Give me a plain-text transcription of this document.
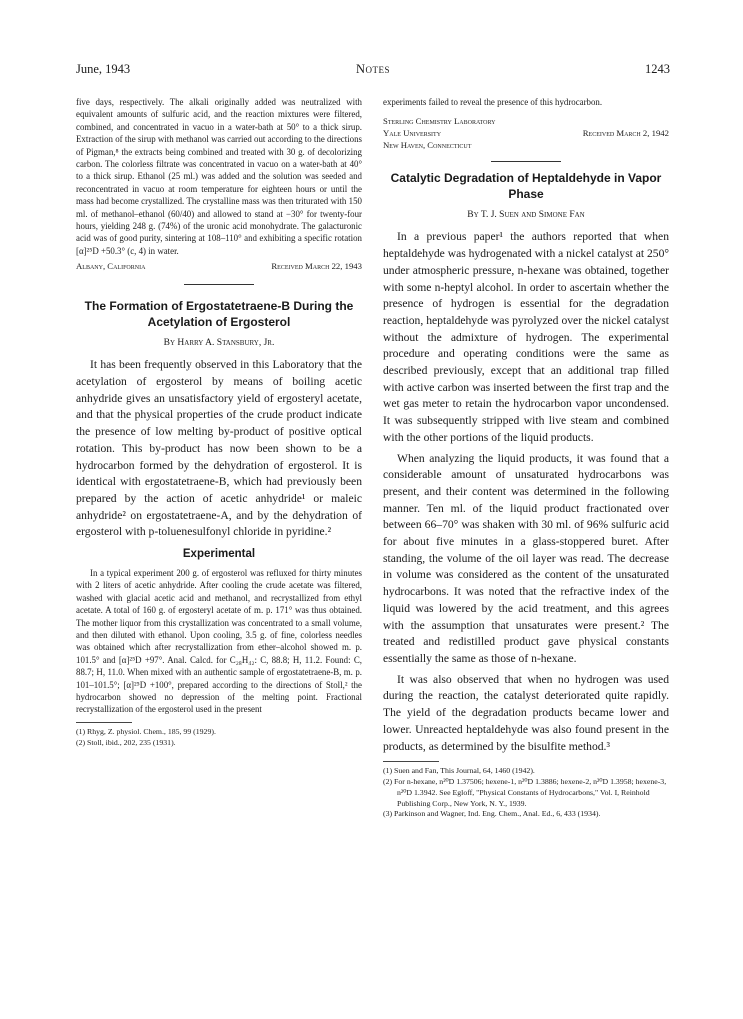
June, 1943	Notes	1243

five days, respectively. The alkali originally added was neutralized with equivalent amounts of sulfuric acid, and the reaction mixtures were filtered, combined, and concentrated in vacuo in a water-bath at 50° to a thick sirup. Extraction of the sirup with methanol was carried out according to the directions of Pigman,⁸ the extracts being combined and treated with 30 g. of decolorizing carbon. The colorless filtrate was concentrated in vacuo on a water-bath at 40° to a thick sirup. Ethanol (25 ml.) was added and the solution was seeded and reconcentrated in vacuo at room temperature for eighteen hours or until the mass had become crystallized. The crystalline mass was then triturated with 150 ml. of methanol–ethanol (60/40) and allowed to stand at −30° for twenty-four hours, yielding 248 g. (74%) of the uronic acid monohydrate. The galacturonic acid was of good purity, sintering at 108–110° and exhibiting a specific rotation [α]²⁵D +50.3° (c, 4) in water.

Albany, California	Received March 22, 1943
The Formation of Ergostatetraene-B During the Acetylation of Ergosterol
By Harry A. Stansbury, Jr.

It has been frequently observed in this Laboratory that the acetylation of ergosterol by means of boiling acetic anhydride gives an unsatisfactory yield of ergosteryl acetate, and that the physical properties of the crude product indicate the presence of low melting by-product of positive optical rotation. This by-product has now been shown to be a hydrocarbon formed by the dehydration of ergosterol. It is identical with ergostatetraene-B, which had previously been prepared by the action of acetic anhydride¹ or maleic anhydride² on ergostatetraene-A, and by the dehydration of ergosterol with p-toluenesulfonyl chloride in pyridine.²

Experimental

In a typical experiment 200 g. of ergosterol was refluxed for thirty minutes with 2 liters of acetic anhydride. After cooling the crude acetate was filtered, washed with glacial acetic acid and methanol, and recrystallized from ethyl acetate. A total of 160 g. of ergosteryl acetate of m. p. 171° was thus obtained. The mother liquor from this crystallization was concentrated to a small volume, and then diluted with ethanol. Upon cooling, 3.5 g. of fine, colorless needles was obtained which after recrystallization from ether–alcohol showed m. p. 101.5° and [α]²⁵D +97°. Anal. Calcd. for C₂₈H₄₂: C, 88.8; H, 11.2. Found: C, 88.7; H, 11.0. When mixed with an authentic sample of ergostatetraene-B, m. p. 101–101.5°; [α]²⁵D +100°, prepared according to the directions of Stoll,² the hydrocarbon showed no depression of the melting point. Fractional recrystallization of the ergosterol used in the present

(1) Rhyg, Z. physiol. Chem., 185, 99 (1929).
(2) Stoll, ibid., 202, 235 (1931).

experiments failed to reveal the presence of this hydrocarbon.

Sterling Chemistry Laboratory
Yale University	Received March 2, 1942
New Haven, Connecticut
Catalytic Degradation of Heptaldehyde in Vapor Phase
By T. J. Suen and Simone Fan

In a previous paper¹ the authors reported that when heptaldehyde was hydrogenated with a nickel catalyst at 250° under atmospheric pressure, n-hexane was obtained, together with some n-heptyl alcohol. In order to ascertain whether the presence of hydrogen is essential for the degradation reaction, heptaldehyde was pyrolyzed over the nickel catalyst without the admixture of hydrogen. The experimental procedure and operating conditions were the same as described previously, except that an additional trap filled with active carbon was inserted between the first trap and the wet gas meter to retain the hydrocarbon vapor uncondensed. It was subsequently stripped with live steam and combined with the other portions of the liquid products.

When analyzing the liquid products, it was found that a considerable amount of unsaturated hydrocarbons was present, and their content was determined in the following manner. Ten ml. of the liquid product fractionated over between 66–70° was shaken with 30 ml. of 96% sulfuric acid for about five minutes in a glass-stoppered buret. After standing, the volume of the oil layer was read. The decrease in volume was considered as the content of the unsaturated hydrocarbons. It was noted that the refractive index of the liquid was lowered by the acid treatment, and this agrees with the assumption that unsaturates were present.² The treated and redistilled product gave physical constants essentially the same as those of n-hexane.

It was also observed that when no hydrogen was used during the reaction, the catalyst deteriorated quite rapidly. The yield of the degradation products became lower and lower. Unreacted heptaldehyde was also found present in the products, as determined by the bisulfite method.³

(1) Suen and Fan, This Journal, 64, 1460 (1942).
(2) For n-hexane, n²⁰D 1.37506; hexene-1, n²⁰D 1.3886; hexene-2, n²⁰D 1.3958; hexene-3, n²⁰D 1.3942. See Egloff, "Physical Constants of Hydrocarbons," Vol. I, Reinhold Publishing Corp., New York, N. Y., 1939.
(3) Parkinson and Wagner, Ind. Eng. Chem., Anal. Ed., 6, 433 (1934).
